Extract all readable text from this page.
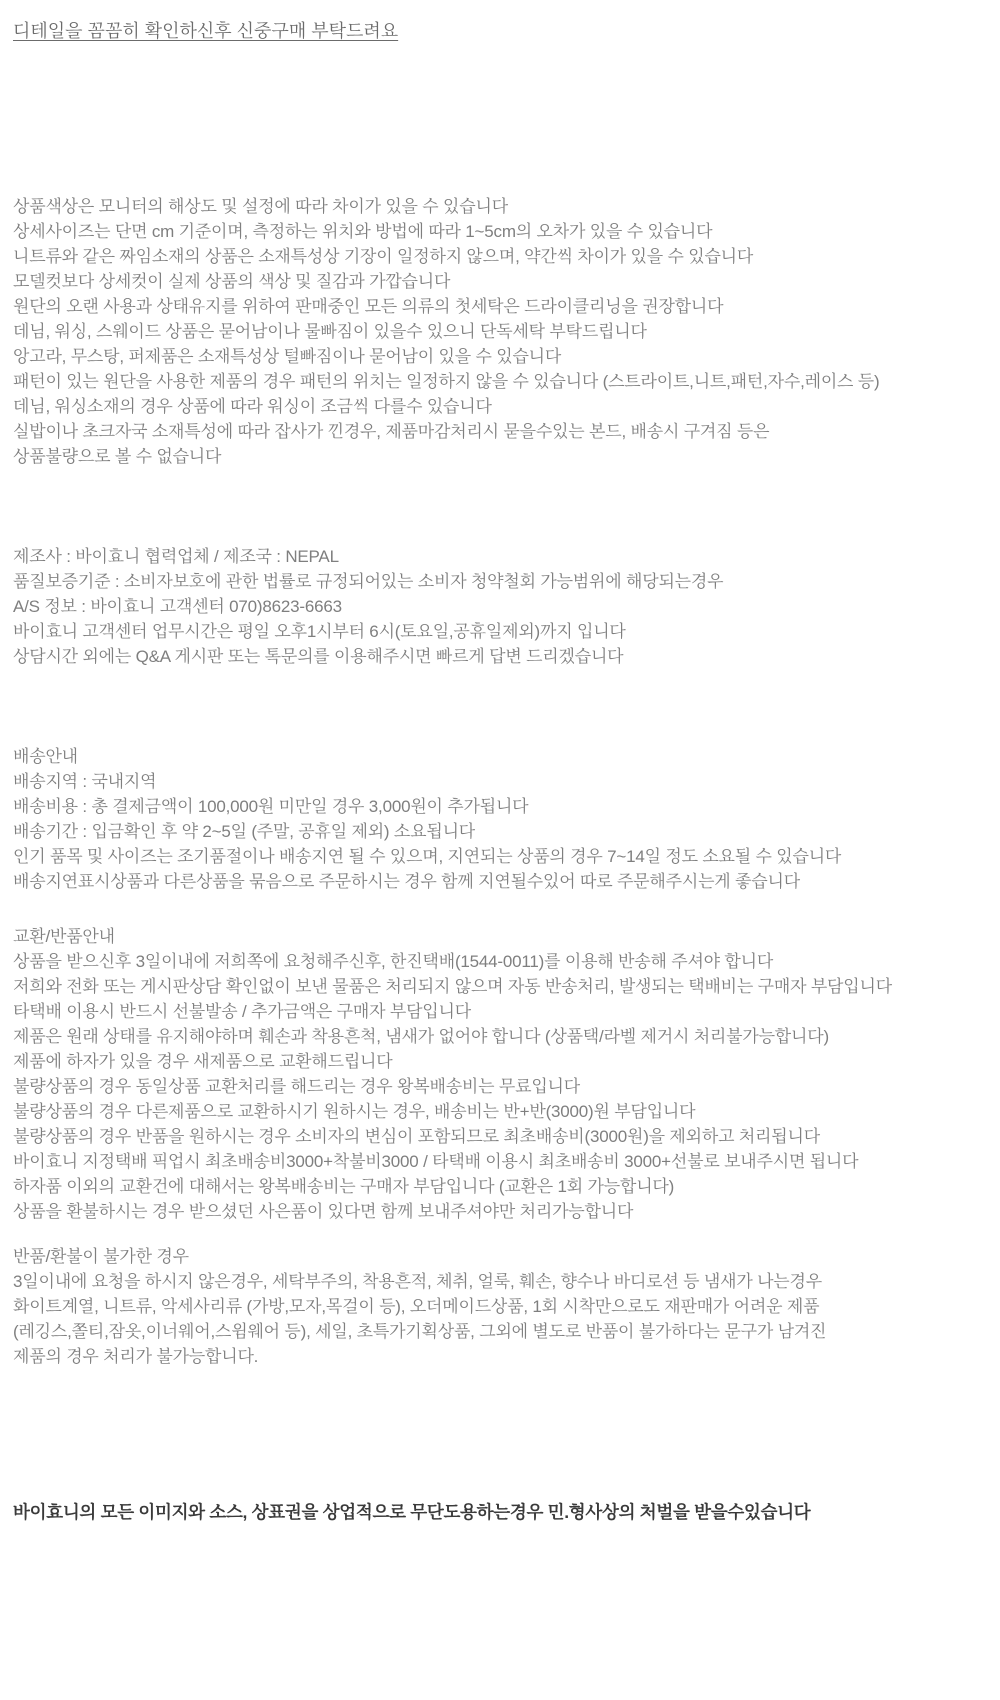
디테일을 꼼꼼히 확인하신후 신중구매 부탁드려요
상품색상은 모니터의 해상도 및 설정에 따라 차이가 있을 수 있습니다
상세사이즈는 단면 cm 기준이며, 측정하는 위치와 방법에 따라 1~5cm의 오차가 있을 수 있습니다
니트류와 같은 짜임소재의 상품은 소재특성상 기장이 일정하지 않으며, 약간씩 차이가 있을 수 있습니다
모델컷보다 상세컷이 실제 상품의 색상 및 질감과 가깝습니다
원단의 오랜 사용과 상태유지를 위하여 판매중인 모든 의류의 첫세탁은 드라이클리닝을 권장합니다
데님, 워싱, 스웨이드 상품은 묻어남이나 물빠짐이 있을수 있으니 단독세탁 부탁드립니다
앙고라, 무스탕, 퍼제품은 소재특성상 털빠짐이나 묻어남이 있을 수 있습니다
패턴이 있는 원단을 사용한 제품의 경우 패턴의 위치는 일정하지 않을 수 있습니다 (스트라이트,니트,패턴,자수,레이스 등)
데님, 워싱소재의 경우 상품에 따라 워싱이 조금씩 다를수 있습니다
실밥이나 초크자국 소재특성에 따라 잡사가 낀경우, 제품마감처리시 묻을수있는 본드, 배송시 구겨짐 등은
상품불량으로 볼 수 없습니다
제조사 : 바이효니 협력업체 / 제조국 : NEPAL
품질보증기준 : 소비자보호에 관한 법률로 규정되어있는 소비자 청약철회 가능범위에 해당되는경우
A/S 정보 : 바이효니 고객센터 070)8623-6663
바이효니 고객센터 업무시간은 평일 오후1시부터 6시(토요일,공휴일제외)까지 입니다
상담시간 외에는 Q&A 게시판 또는 톡문의를 이용해주시면 빠르게 답변 드리겠습니다
배송안내
배송지역 : 국내지역
배송비용 : 총 결제금액이 100,000원 미만일 경우 3,000원이 추가됩니다
배송기간 : 입금확인 후 약 2~5일 (주말, 공휴일 제외) 소요됩니다
인기 품목 및 사이즈는 조기품절이나 배송지연 될 수 있으며, 지연되는 상품의 경우 7~14일 정도 소요될 수 있습니다
배송지연표시상품과 다른상품을 묶음으로 주문하시는 경우 함께 지연될수있어 따로 주문해주시는게 좋습니다
교환/반품안내
상품을 받으신후 3일이내에 저희쪽에 요청해주신후, 한진택배(1544-0011)를 이용해 반송해 주셔야 합니다
저희와 전화 또는 게시판상담 확인없이 보낸 물품은 처리되지 않으며 자동 반송처리, 발생되는 택배비는 구매자 부담입니다
타택배 이용시 반드시 선불발송 / 추가금액은 구매자 부담입니다
제품은 원래 상태를 유지해야하며 훼손과 착용흔척, 냄새가 없어야 합니다 (상품택/라벨 제거시 처리불가능합니다)
제품에 하자가 있을 경우 새제품으로 교환해드립니다
불량상품의 경우 동일상품 교환처리를 해드리는 경우 왕복배송비는 무료입니다
불량상품의 경우 다른제품으로 교환하시기 원하시는 경우, 배송비는 반+반(3000)원 부담입니다
불량상품의 경우 반품을 원하시는 경우 소비자의 변심이 포함되므로 최초배송비(3000원)을 제외하고 처리됩니다
바이효니 지정택배 픽업시 최초배송비3000+착불비3000 / 타택배 이용시 최초배송비 3000+선불로 보내주시면 됩니다
하자품 이외의 교환건에 대해서는 왕복배송비는 구매자 부담입니다 (교환은 1회 가능합니다)
상품을 환불하시는 경우 받으셨던 사은품이 있다면 함께 보내주셔야만 처리가능합니다
반품/환불이 불가한 경우
3일이내에 요청을 하시지 않은경우, 세탁부주의, 착용흔적, 체취, 얼룩, 훼손, 향수나 바디로션 등 냄새가 나는경우
화이트계열, 니트류, 악세사리류 (가방,모자,목걸이 등), 오더메이드상품, 1회 시착만으로도 재판매가 어려운 제품
(레깅스,쫄티,잠옷,이너웨어,스윔웨어 등), 세일, 초특가기획상품, 그외에 별도로 반품이 불가하다는 문구가 남겨진
제품의 경우 처리가 불가능합니다.
바이효니의 모든 이미지와 소스, 상표권을 상업적으로 무단도용하는경우 민.형사상의 처벌을 받을수있습니다
